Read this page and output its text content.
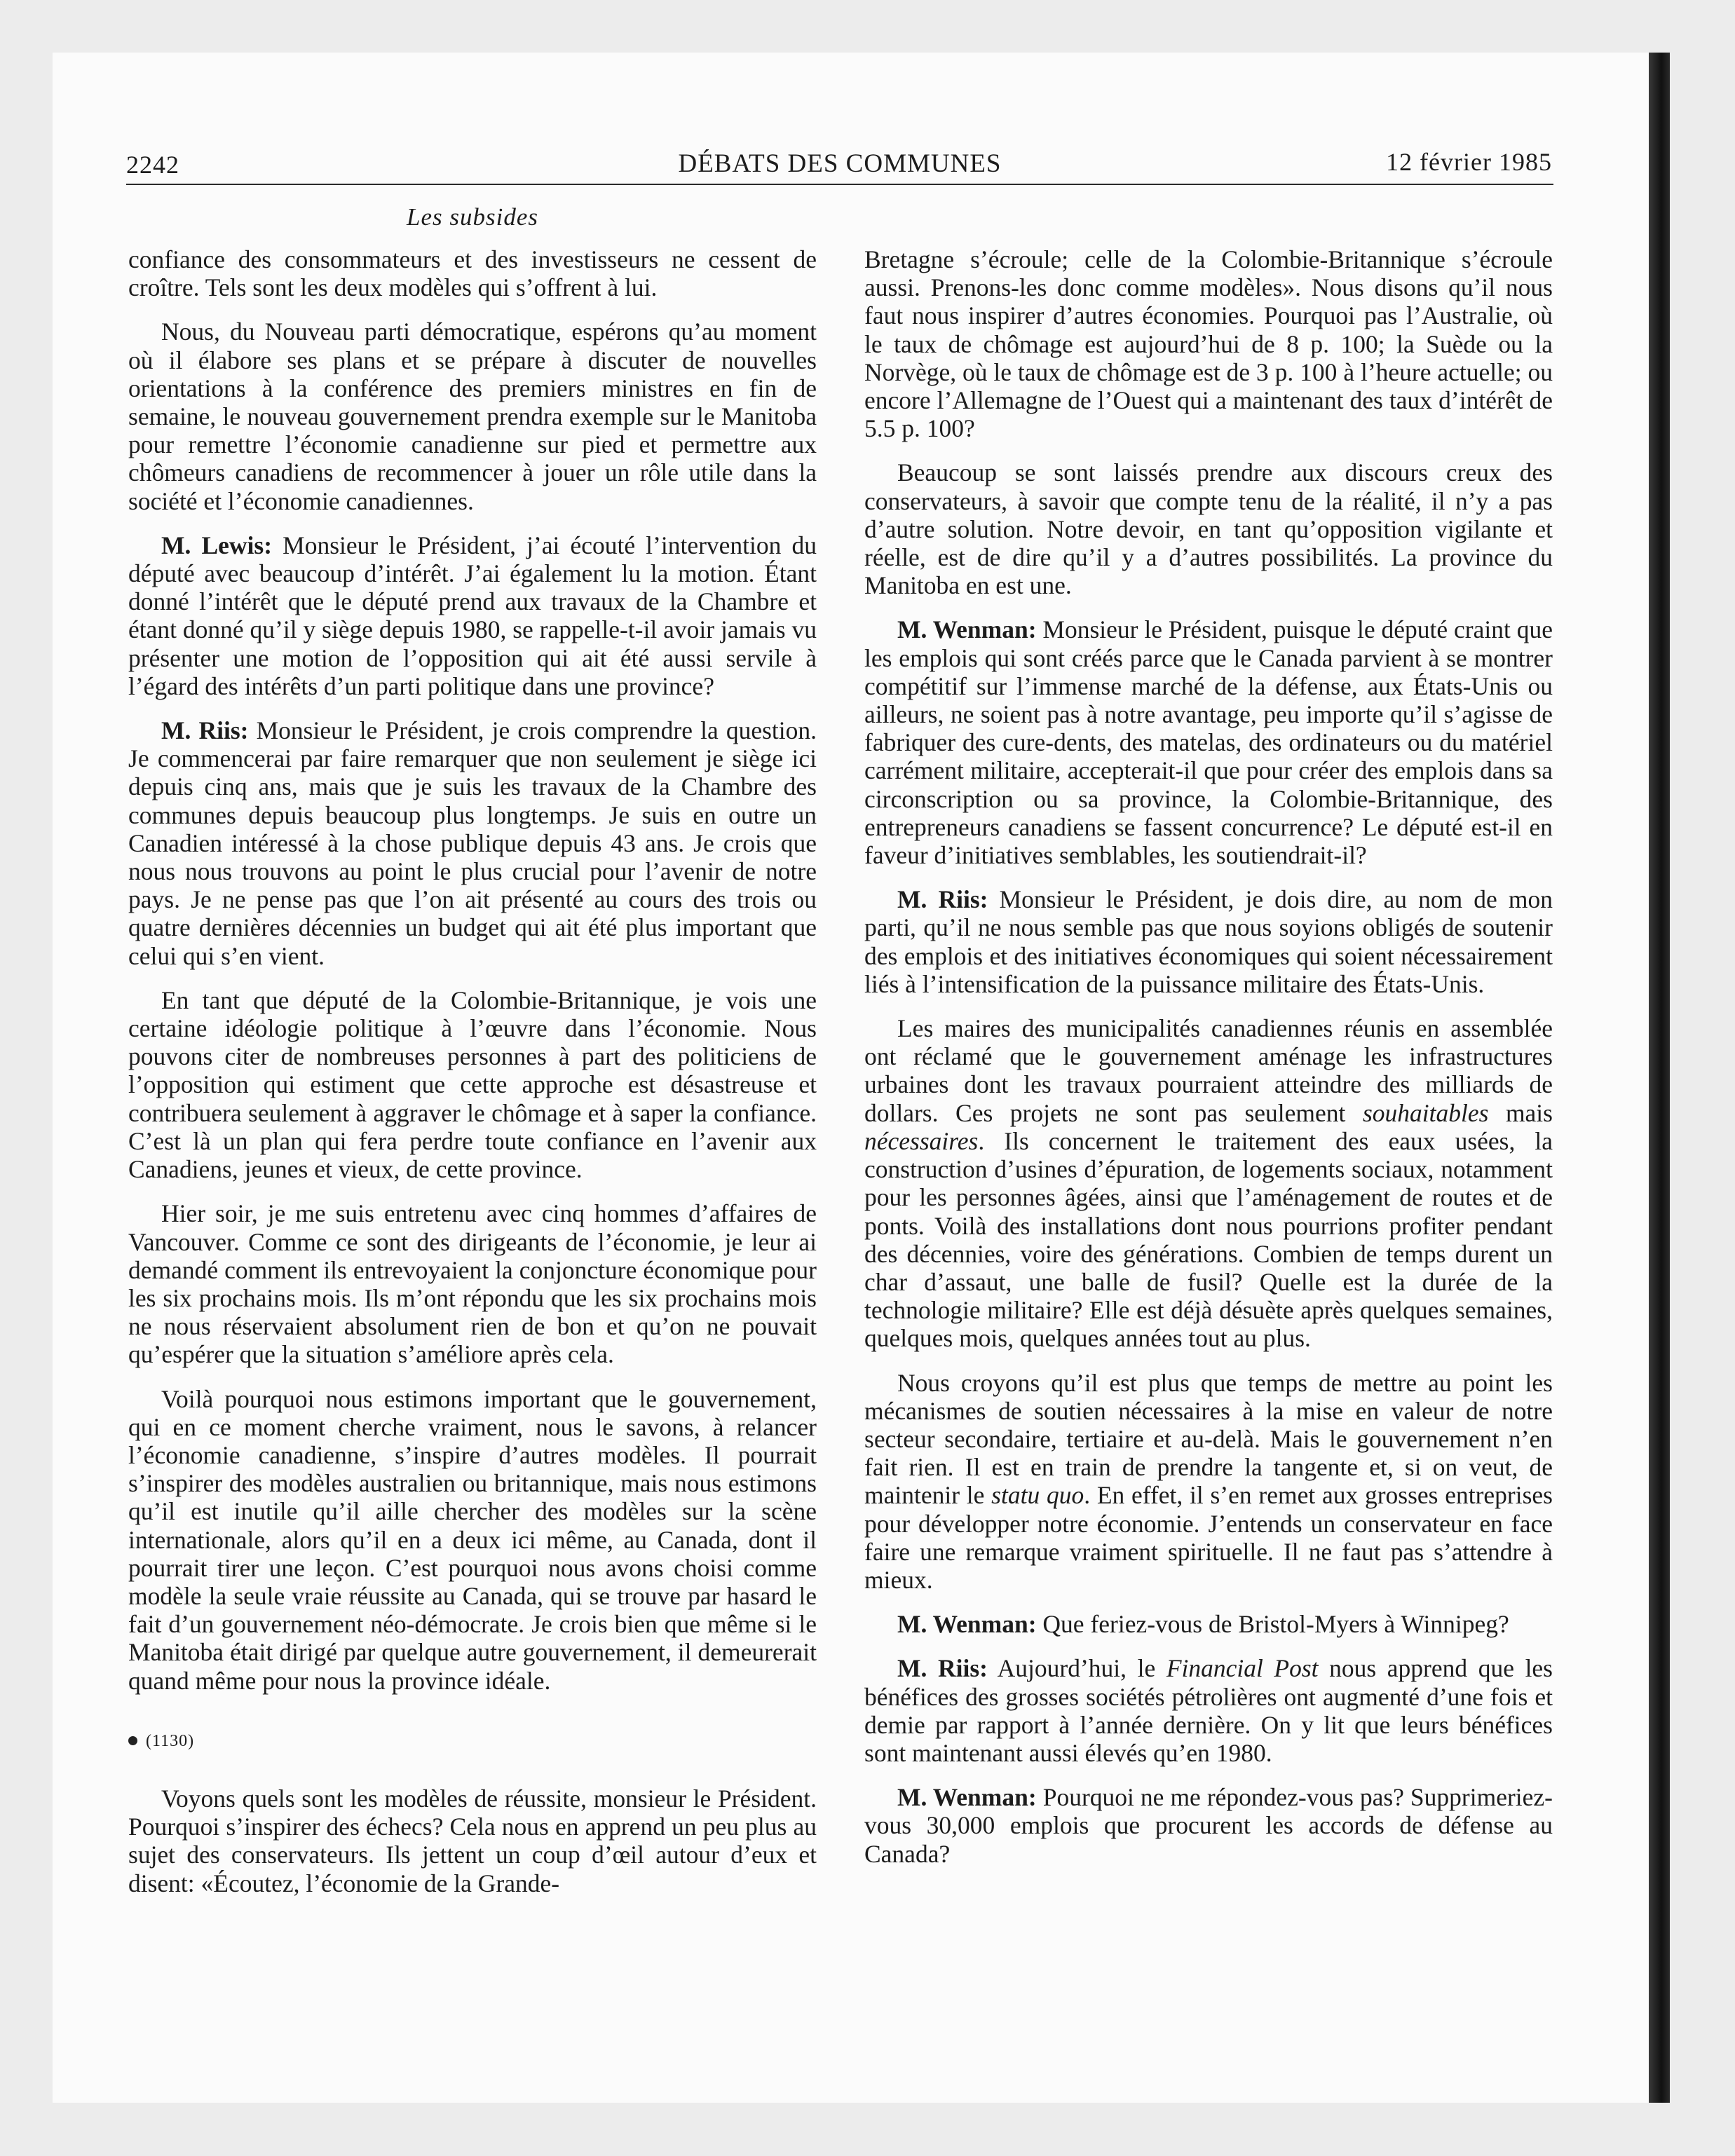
2242	DÉBATS DES COMMUNES	12 février 1985
Les subsides

confiance des consommateurs et des investisseurs ne cessent de croître. Tels sont les deux modèles qui s’offrent à lui.

Nous, du Nouveau parti démocratique, espérons qu’au moment où il élabore ses plans et se prépare à discuter de nouvelles orientations à la conférence des premiers ministres en fin de semaine, le nouveau gouvernement prendra exemple sur le Manitoba pour remettre l’économie canadienne sur pied et permettre aux chômeurs canadiens de recommencer à jouer un rôle utile dans la société et l’économie canadiennes.

M. Lewis: Monsieur le Président, j’ai écouté l’intervention du député avec beaucoup d’intérêt. J’ai également lu la motion. Étant donné l’intérêt que le député prend aux travaux de la Chambre et étant donné qu’il y siège depuis 1980, se rappelle-t-il avoir jamais vu présenter une motion de l’opposition qui ait été aussi servile à l’égard des intérêts d’un parti politique dans une province?

M. Riis: Monsieur le Président, je crois comprendre la question. Je commencerai par faire remarquer que non seulement je siège ici depuis cinq ans, mais que je suis les travaux de la Chambre des communes depuis beaucoup plus longtemps. Je suis en outre un Canadien intéressé à la chose publique depuis 43 ans. Je crois que nous nous trouvons au point le plus crucial pour l’avenir de notre pays. Je ne pense pas que l’on ait présenté au cours des trois ou quatre dernières décennies un budget qui ait été plus important que celui qui s’en vient.

En tant que député de la Colombie-Britannique, je vois une certaine idéologie politique à l’œuvre dans l’économie. Nous pouvons citer de nombreuses personnes à part des politiciens de l’opposition qui estiment que cette approche est désastreuse et contribuera seulement à aggraver le chômage et à saper la confiance. C’est là un plan qui fera perdre toute confiance en l’avenir aux Canadiens, jeunes et vieux, de cette province.

Hier soir, je me suis entretenu avec cinq hommes d’affaires de Vancouver. Comme ce sont des dirigeants de l’économie, je leur ai demandé comment ils entrevoyaient la conjoncture économique pour les six prochains mois. Ils m’ont répondu que les six prochains mois ne nous réservaient absolument rien de bon et qu’on ne pouvait qu’espérer que la situation s’améliore après cela.

Voilà pourquoi nous estimons important que le gouvernement, qui en ce moment cherche vraiment, nous le savons, à relancer l’économie canadienne, s’inspire d’autres modèles. Il pourrait s’inspirer des modèles australien ou britannique, mais nous estimons qu’il est inutile qu’il aille chercher des modèles sur la scène internationale, alors qu’il en a deux ici même, au Canada, dont il pourrait tirer une leçon. C’est pourquoi nous avons choisi comme modèle la seule vraie réussite au Canada, qui se trouve par hasard le fait d’un gouvernement néo-démocrate. Je crois bien que même si le Manitoba était dirigé par quelque autre gouvernement, il demeurerait quand même pour nous la province idéale.

(1130)

Voyons quels sont les modèles de réussite, monsieur le Président. Pourquoi s’inspirer des échecs? Cela nous en apprend un peu plus au sujet des conservateurs. Ils jettent un coup d’œil autour d’eux et disent: «Écoutez, l’économie de la Grande-

Bretagne s’écroule; celle de la Colombie-Britannique s’écroule aussi. Prenons-les donc comme modèles». Nous disons qu’il nous faut nous inspirer d’autres économies. Pourquoi pas l’Australie, où le taux de chômage est aujourd’hui de 8 p. 100; la Suède ou la Norvège, où le taux de chômage est de 3 p. 100 à l’heure actuelle; ou encore l’Allemagne de l’Ouest qui a maintenant des taux d’intérêt de 5.5 p. 100?

Beaucoup se sont laissés prendre aux discours creux des conservateurs, à savoir que compte tenu de la réalité, il n’y a pas d’autre solution. Notre devoir, en tant qu’opposition vigilante et réelle, est de dire qu’il y a d’autres possibilités. La province du Manitoba en est une.

M. Wenman: Monsieur le Président, puisque le député craint que les emplois qui sont créés parce que le Canada parvient à se montrer compétitif sur l’immense marché de la défense, aux États-Unis ou ailleurs, ne soient pas à notre avantage, peu importe qu’il s’agisse de fabriquer des cure-dents, des matelas, des ordinateurs ou du matériel carrément militaire, accepterait-il que pour créer des emplois dans sa circonscription ou sa province, la Colombie-Britannique, des entrepreneurs canadiens se fassent concurrence? Le député est-il en faveur d’initiatives semblables, les soutiendrait-il?

M. Riis: Monsieur le Président, je dois dire, au nom de mon parti, qu’il ne nous semble pas que nous soyions obligés de soutenir des emplois et des initiatives économiques qui soient nécessairement liés à l’intensification de la puissance militaire des États-Unis.

Les maires des municipalités canadiennes réunis en assemblée ont réclamé que le gouvernement aménage les infrastructures urbaines dont les travaux pourraient atteindre des milliards de dollars. Ces projets ne sont pas seulement souhaitables mais nécessaires. Ils concernent le traitement des eaux usées, la construction d’usines d’épuration, de logements sociaux, notamment pour les personnes âgées, ainsi que l’aménagement de routes et de ponts. Voilà des installations dont nous pourrions profiter pendant des décennies, voire des générations. Combien de temps durent un char d’assaut, une balle de fusil? Quelle est la durée de la technologie militaire? Elle est déjà désuète après quelques semaines, quelques mois, quelques années tout au plus.

Nous croyons qu’il est plus que temps de mettre au point les mécanismes de soutien nécessaires à la mise en valeur de notre secteur secondaire, tertiaire et au-delà. Mais le gouvernement n’en fait rien. Il est en train de prendre la tangente et, si on veut, de maintenir le statu quo. En effet, il s’en remet aux grosses entreprises pour développer notre économie. J’entends un conservateur en face faire une remarque vraiment spirituelle. Il ne faut pas s’attendre à mieux.

M. Wenman: Que feriez-vous de Bristol-Myers à Winnipeg?

M. Riis: Aujourd’hui, le Financial Post nous apprend que les bénéfices des grosses sociétés pétrolières ont augmenté d’une fois et demie par rapport à l’année dernière. On y lit que leurs bénéfices sont maintenant aussi élevés qu’en 1980.

M. Wenman: Pourquoi ne me répondez-vous pas? Supprimeriez-vous 30,000 emplois que procurent les accords de défense au Canada?
